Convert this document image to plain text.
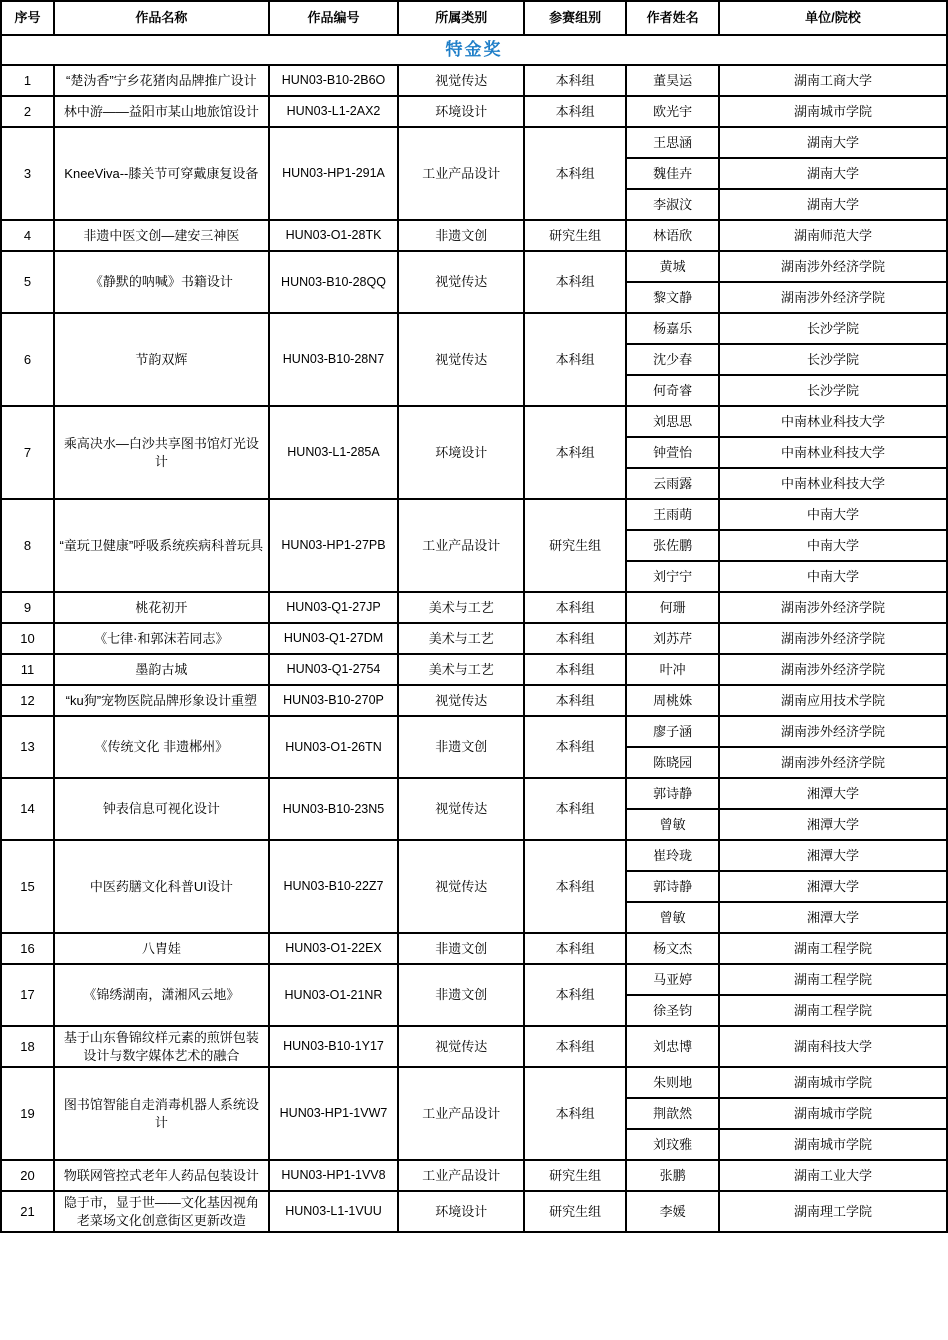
序号	作品名称	作品编号	所属类别	参赛组别	作者姓名	单位/院校
特金奖						
1	“楚沩香”宁乡花猪肉品牌推广设计	HUN03-B10-2B6O	视觉传达	本科组	董昊运	湖南工商大学
2	林中游——益阳市某山地旅馆设计	HUN03-L1-2AX2	环境设计	本科组	欧光宇	湖南城市学院
3	KneeViva--膝关节可穿戴康复设备	HUN03-HP1-291A	工业产品设计	本科组	王思涵	湖南大学
					魏佳卉	湖南大学
					李淑汶	湖南大学
4	非遗中医文创—建安三神医	HUN03-O1-28TK	非遗文创	研究生组	林语欣	湖南师范大学
5	《静默的呐喊》书籍设计	HUN03-B10-28QQ	视觉传达	本科组	黄城	湖南涉外经济学院
					黎文静	湖南涉外经济学院
6	节韵双辉	HUN03-B10-28N7	视觉传达	本科组	杨嘉乐	长沙学院
					沈少春	长沙学院
					何奇睿	长沙学院
7	乘高决水—白沙共享图书馆灯光设计	HUN03-L1-285A	环境设计	本科组	刘思思	中南林业科技大学
					钟萱怡	中南林业科技大学
					云雨露	中南林业科技大学
8	“童玩卫健康”呼吸系统疾病科普玩具	HUN03-HP1-27PB	工业产品设计	研究生组	王雨萌	中南大学
					张佐鹏	中南大学
					刘宁宁	中南大学
9	桃花初开	HUN03-Q1-27JP	美术与工艺	本科组	何珊	湖南涉外经济学院
10	《七律·和郭沫若同志》	HUN03-Q1-27DM	美术与工艺	本科组	刘苏芹	湖南涉外经济学院
11	墨韵古城	HUN03-Q1-2754	美术与工艺	本科组	叶冲	湖南涉外经济学院
12	“ku狗”宠物医院品牌形象设计重塑	HUN03-B10-270P	视觉传达	本科组	周桃姝	湖南应用技术学院
13	《传统文化 非遗郴州》	HUN03-O1-26TN	非遗文创	本科组	廖子涵	湖南涉外经济学院
					陈晓园	湖南涉外经济学院
14	钟表信息可视化设计	HUN03-B10-23N5	视觉传达	本科组	郭诗静	湘潭大学
					曾敏	湘潭大学
15	中医药膳文化科普UI设计	HUN03-B10-22Z7	视觉传达	本科组	崔玲珑	湘潭大学
					郭诗静	湘潭大学
					曾敏	湘潭大学
16	八胄娃	HUN03-O1-22EX	非遗文创	本科组	杨文杰	湖南工程学院
17	《锦绣湖南，潇湘风云地》	HUN03-O1-21NR	非遗文创	本科组	马亚婷	湖南工程学院
					徐圣钧	湖南工程学院
18	基于山东鲁锦纹样元素的煎饼包装设计与数字媒体艺术的融合	HUN03-B10-1Y17	视觉传达	本科组	刘忠博	湖南科技大学
19	图书馆智能自走消毒机器人系统设计	HUN03-HP1-1VW7	工业产品设计	本科组	朱则地	湖南城市学院
					荆歆然	湖南城市学院
					刘玟雅	湖南城市学院
20	物联网管控式老年人药品包装设计	HUN03-HP1-1VV8	工业产品设计	研究生组	张鹏	湖南工业大学
21	隐于市，显于世——文化基因视角老菜场文化创意街区更新改造	HUN03-L1-1VUU	环境设计	研究生组	李媛	湖南理工学院
